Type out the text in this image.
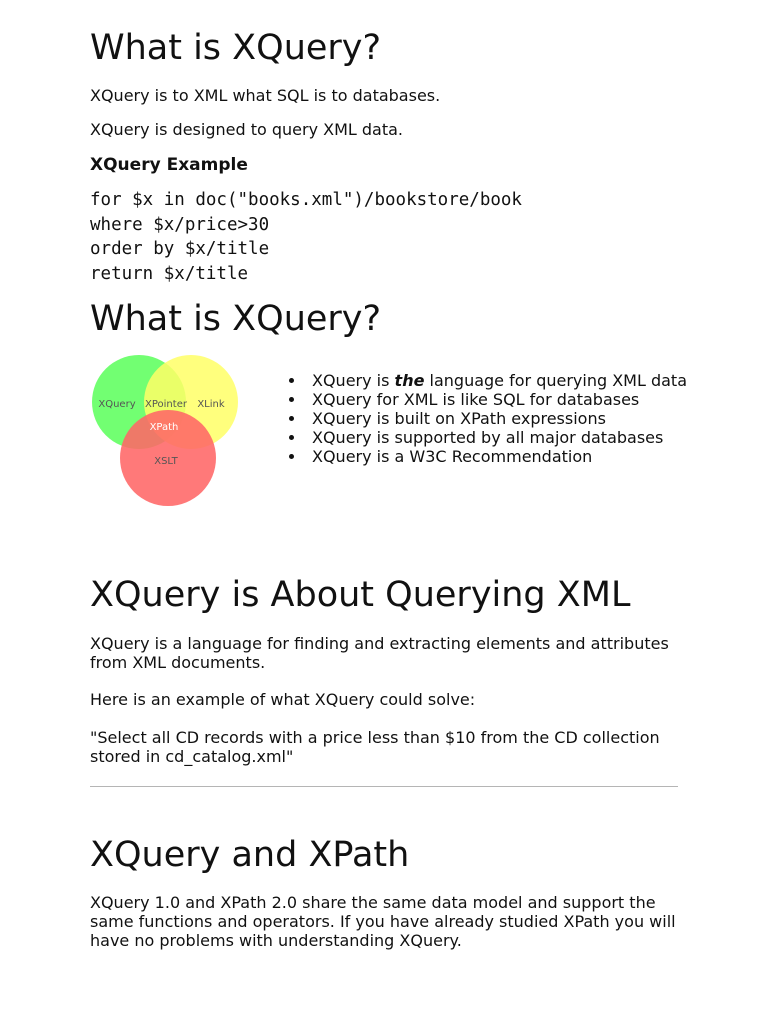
What is XQuery?

XQuery is to XML what SQL is to databases.

XQuery is designed to query XML data.

XQuery Example
for $x in doc("books.xml")/bookstore/book
where $x/price>30
order by $x/title
return $x/title
What is XQuery?
XQuery XPointer XLink
XPath
XSLT
XQuery is the language for querying XML data
XQuery for XML is like SQL for databases
XQuery is built on XPath expressions
XQuery is supported by all major databases
XQuery is a W3C Recommendation
XQuery is About Querying XML

XQuery is a language for finding and extracting elements and attributes from XML documents.

Here is an example of what XQuery could solve:

"Select all CD records with a price less than $10 from the CD collection stored in cd_catalog.xml"

XQuery and XPath

XQuery 1.0 and XPath 2.0 share the same data model and support the same functions and operators. If you have already studied XPath you will have no problems with understanding XQuery.
